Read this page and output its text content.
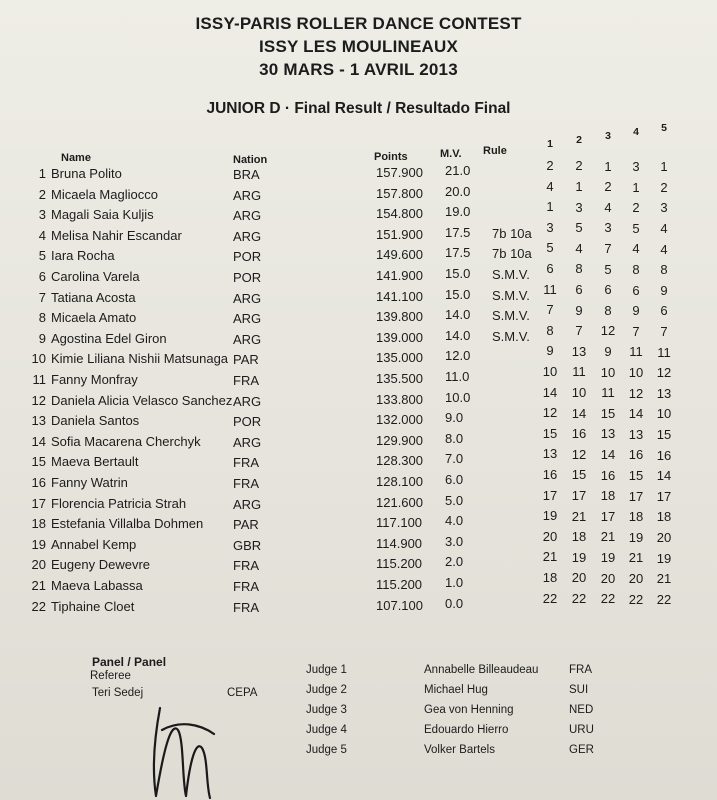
ISSY-PARIS ROLLER DANCE CONTEST
ISSY LES MOULINEAUX
30 MARS - 1 AVRIL 2013
JUNIOR D · Final Result / Resultado Final
Name	Nation	Points	M.V. Rule
1	2	3	4	5
1 Bruna Polito	BRA	157.900 21.0	2	2	1	3	1
2 Micaela Magliocco	ARG	157.800 20.0	4	1	2	1	2
3 Magali Saia Kuljis	ARG	154.800 19.0	1	3	4	2	3
4 Melisa Nahir Escandar	ARG	151.900 17.5 7b 10a	3	5	3	5	4
5 Iara Rocha	POR	149.600 17.5 7b 10a	5	4	7	4	4
6 Carolina Varela	POR	141.900 15.0 S.M.V.	6	8	5	8	8
7 Tatiana Acosta	ARG	141.100 15.0 S.M.V. 11	6	6	6	9
8 Micaela Amato	ARG	139.800 14.0 S.M.V.	7	9	8	9	6
9 Agostina Edel Giron	ARG	139.000 14.0 S.M.V.	8	7	12	7	7
10 Kimie Liliana Nishii Matsunaga PAR	135.000 12.0	9	13	9	11 11
11 Fanny Monfray	FRA	135.500 11.0	10 11 10 10 12
12 Daniela Alicia Velasco Sanchez ARG	133.800 10.0	14 10 11 12 13
13 Daniela Santos	POR	132.000 9.0	12 14 15 14 10
14 Sofia Macarena Cherchyk ARG	129.900 8.0	15 16 13 13 15
15 Maeva Bertault	FRA	128.300 7.0	13 12 14 16 16
16 Fanny Watrin	FRA	128.100 6.0	16 15 16 15 14
17 Florencia Patricia Strah	ARG	121.600 5.0	17 17 18 17 17
18 Estefania Villalba Dohmen PAR	117.100 4.0	19 21 17 18 18
19 Annabel Kemp	GBR	114.900 3.0	20 18 21 19 20
20 Eugeny Dewevre	FRA	115.200 2.0	21 19 19 21 19
21 Maeva Labassa	FRA	115.200 1.0	18 20 20 20 21
22 Tiphaine Cloet	FRA	107.100 0.0	22 22 22 22 22
Panel / Panel
Referee
Teri Sedej	CEPA
Judge 1	Annabelle Billeaudeau	FRA
Judge 2	Michael Hug	SUI
Judge 3	Gea von Henning	NED
Judge 4	Edouardo Hierro	URU
Judge 5	Volker Bartels	GER
